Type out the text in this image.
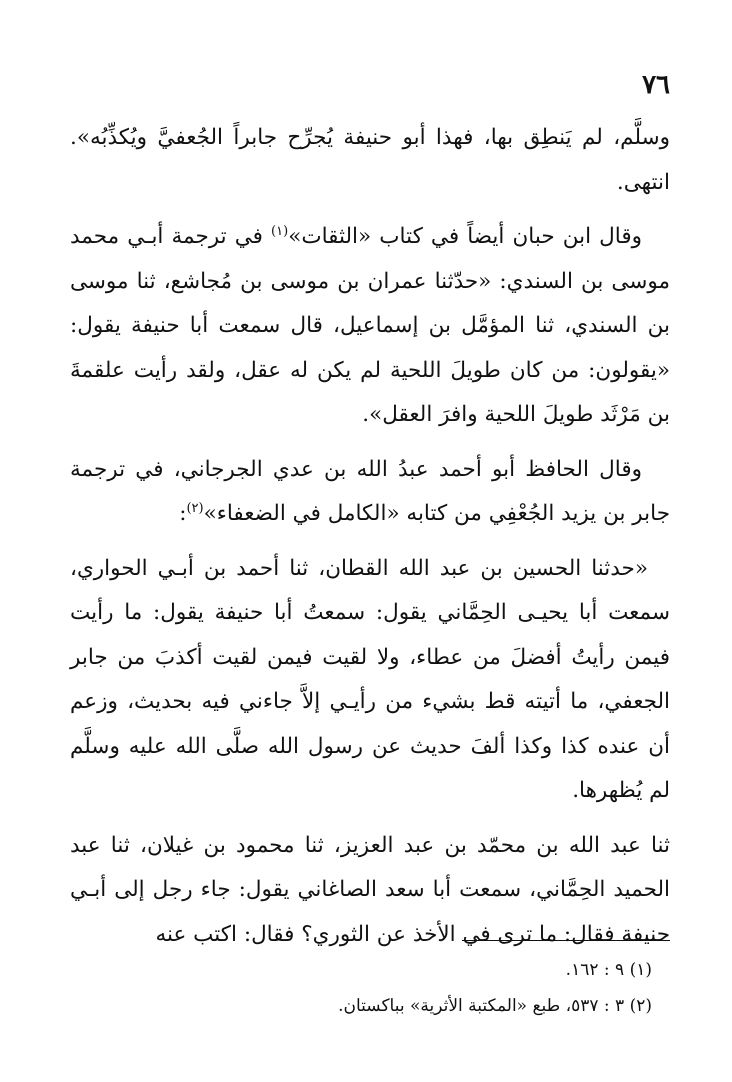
٧٦

وسلَّم، لم يَنطِق بها، فهذا أبو حنيفة يُجرِّح جابراً الجُعفيَّ ويُكذِّبُه». انتهى.

وقال ابن حبان أيضاً في كتاب «الثقات»$^{(١)}$ في ترجمة أبـي محمد موسى بن السندي: «حدّثنا عمران بن موسى بن مُجاشع، ثنا موسى بن السندي، ثنا المؤمَّل بن إسماعيل، قال سمعت أبا حنيفة يقول: «يقولون: من كان طويلَ اللحية لم يكن له عقل، ولقد رأيت علقمةَ بن مَرْثَد طويلَ اللحية وافرَ العقل».

وقال الحافظ أبو أحمد عبدُ الله بن عدي الجرجاني، في ترجمة جابر بن يزيد الجُعْفِي من كتابه «الكامل في الضعفاء»$^{(٢)}$:

«حدثنا الحسين بن عبد الله القطان، ثنا أحمد بن أبـي الحواري، سمعت أبا يحيـى الحِمَّاني يقول: سمعتُ أبا حنيفة يقول: ما رأيت فيمن رأيتُ أفضلَ من عطاء، ولا لقيت فيمن لقيت أكذبَ من جابر الجعفي، ما أتيته قط بشيء من رأيـي إلاَّ جاءني فيه بحديث، وزعم أن عنده كذا وكذا ألفَ حديث عن رسول الله صلَّى الله عليه وسلَّم لم يُظهرها.

ثنا عبد الله بن محمّد بن عبد العزيز، ثنا محمود بن غيلان، ثنا عبد الحميد الحِمَّاني، سمعت أبا سعد الصاغاني يقول: جاء رجل إلى أبـي حنيفة فقال: ما ترى في الأخذ عن الثوري؟ فقال: اكتب عنه

(١) ٩ : ١٦٢.

(٢) ٣ : ٥٣٧، طبع «المكتبة الأثرية» بباكستان.
